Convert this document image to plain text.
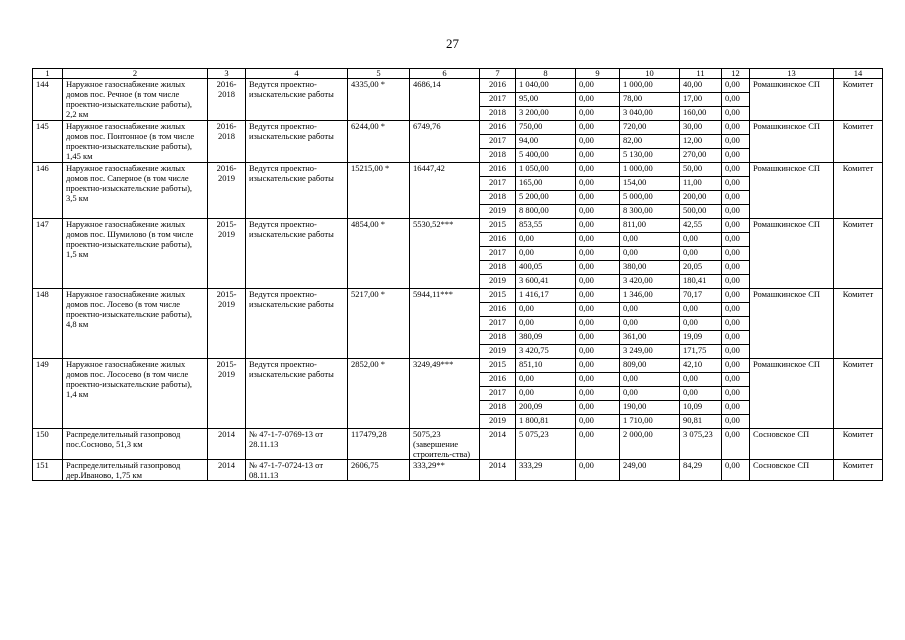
27
1	2	3	4	5	6	7	8	9	10	11	12	13	14
144	Наружное газоснабжение жилых домов пос. Речное (в том числе проектно-изыскательские работы), 2,2 км	2016-2018	Ведутся проектно-изыскательские работы	4335,00 *	4686,14	2016	1 040,00	0,00	1 000,00	40,00	0,00	Ромашкинское СП	Комитет
						2017	95,00	0,00	78,00	17,00	0,00		
						2018	3 200,00	0,00	3 040,00	160,00	0,00		
145	Наружное газоснабжение жилых домов пос. Понтонное (в том числе проектно-изыскательские работы), 1,45 км	2016-2018	Ведутся проектно-изыскательские работы	6244,00 *	6749,76	2016	750,00	0,00	720,00	30,00	0,00	Ромашкинское СП	Комитет
						2017	94,00	0,00	82,00	12,00	0,00		
						2018	5 400,00	0,00	5 130,00	270,00	0,00		
146	Наружное газоснабжение жилых домов пос. Саперное (в том числе проектно-изыскательские работы), 3,5 км	2016-2019	Ведутся проектно-изыскательские работы	15215,00 *	16447,42	2016	1 050,00	0,00	1 000,00	50,00	0,00	Ромашкинское СП	Комитет
						2017	165,00	0,00	154,00	11,00	0,00		
						2018	5 200,00	0,00	5 000,00	200,00	0,00		
						2019	8 800,00	0,00	8 300,00	500,00	0,00		
147	Наружное газоснабжение жилых домов пос. Шумилово (в том числе проектно-изыскательские работы), 1,5 км	2015-2019	Ведутся проектно-изыскательские работы	4854,00 *	5530,52***	2015	853,55	0,00	811,00	42,55	0,00	Ромашкинское СП	Комитет
						2016	0,00	0,00	0,00	0,00	0,00		
						2017	0,00	0,00	0,00	0,00	0,00		
						2018	400,05	0,00	380,00	20,05	0,00		
						2019	3 600,41	0,00	3 420,00	180,41	0,00		
148	Наружное газоснабжение жилых домов пос. Лосево (в том числе проектно-изыскательские работы), 4,8 км	2015-2019	Ведутся проектно-изыскательские работы	5217,00 *	5944,11***	2015	1 416,17	0,00	1 346,00	70,17	0,00	Ромашкинское СП	Комитет
						2016	0,00	0,00	0,00	0,00	0,00		
						2017	0,00	0,00	0,00	0,00	0,00		
						2018	380,09	0,00	361,00	19,09	0,00		
						2019	3 420,75	0,00	3 249,00	171,75	0,00		
149	Наружное газоснабжение жилых домов пос. Лососево (в том числе проектно-изыскательские работы), 1,4 км	2015-2019	Ведутся проектно-изыскательские работы	2852,00 *	3249,49***	2015	851,10	0,00	809,00	42,10	0,00	Ромашкинское СП	Комитет
						2016	0,00	0,00	0,00	0,00	0,00		
						2017	0,00	0,00	0,00	0,00	0,00		
						2018	200,09	0,00	190,00	10,09	0,00		
						2019	1 800,81	0,00	1 710,00	90,81	0,00		
150	Распределительный газопровод пос.Сосново, 51,3 км	2014	№ 47-1-7-0769-13 от 28.11.13	117479,28	5075,23 (завершение строитель-ства)	2014	5 075,23	0,00	2 000,00	3 075,23	0,00	Сосновское СП	Комитет
151	Распределительный газопровод дер.Иваново, 1,75 км	2014	№ 47-1-7-0724-13 от 08.11.13	2606,75	333,29**	2014	333,29	0,00	249,00	84,29	0,00	Сосновское СП	Комитет
